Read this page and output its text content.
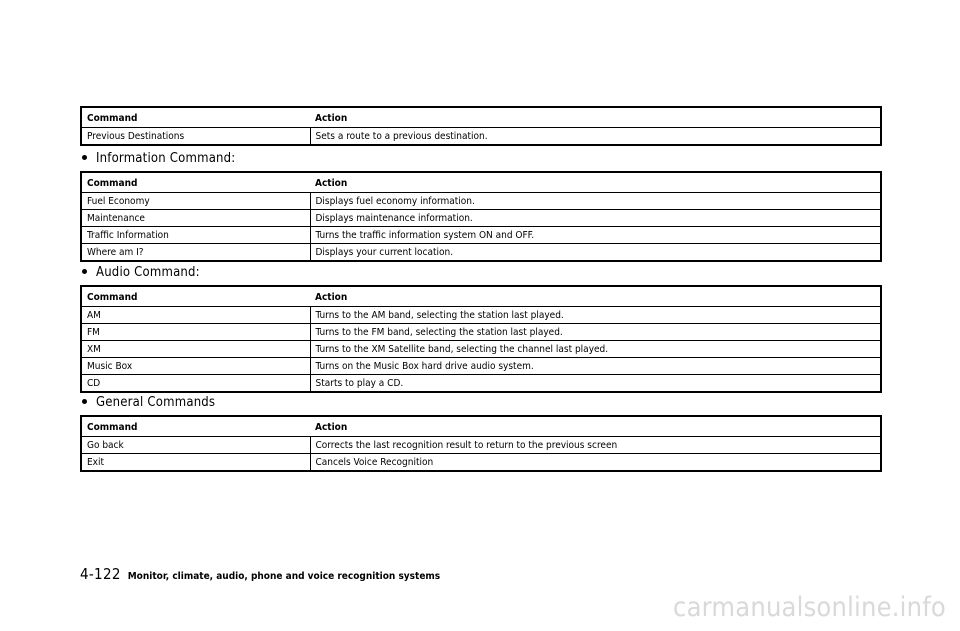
Command	Action
Previous Destinations	Sets a route to a previous destination.
Information Command:
Command	Action
Fuel Economy	Displays fuel economy information.
Maintenance	Displays maintenance information.
Traffic Information	Turns the traffic information system ON and OFF.
Where am I?	Displays your current location.
Audio Command:
Command	Action
AM	Turns to the AM band, selecting the station last played.
FM	Turns to the FM band, selecting the station last played.
XM	Turns to the XM Satellite band, selecting the channel last played.
Music Box	Turns on the Music Box hard drive audio system.
CD	Starts to play a CD.
General Commands
Command	Action
Go back	Corrects the last recognition result to return to the previous screen
Exit	Cancels Voice Recognition
4-122 Monitor, climate, audio, phone and voice recognition systems
carmanualsonline.info
